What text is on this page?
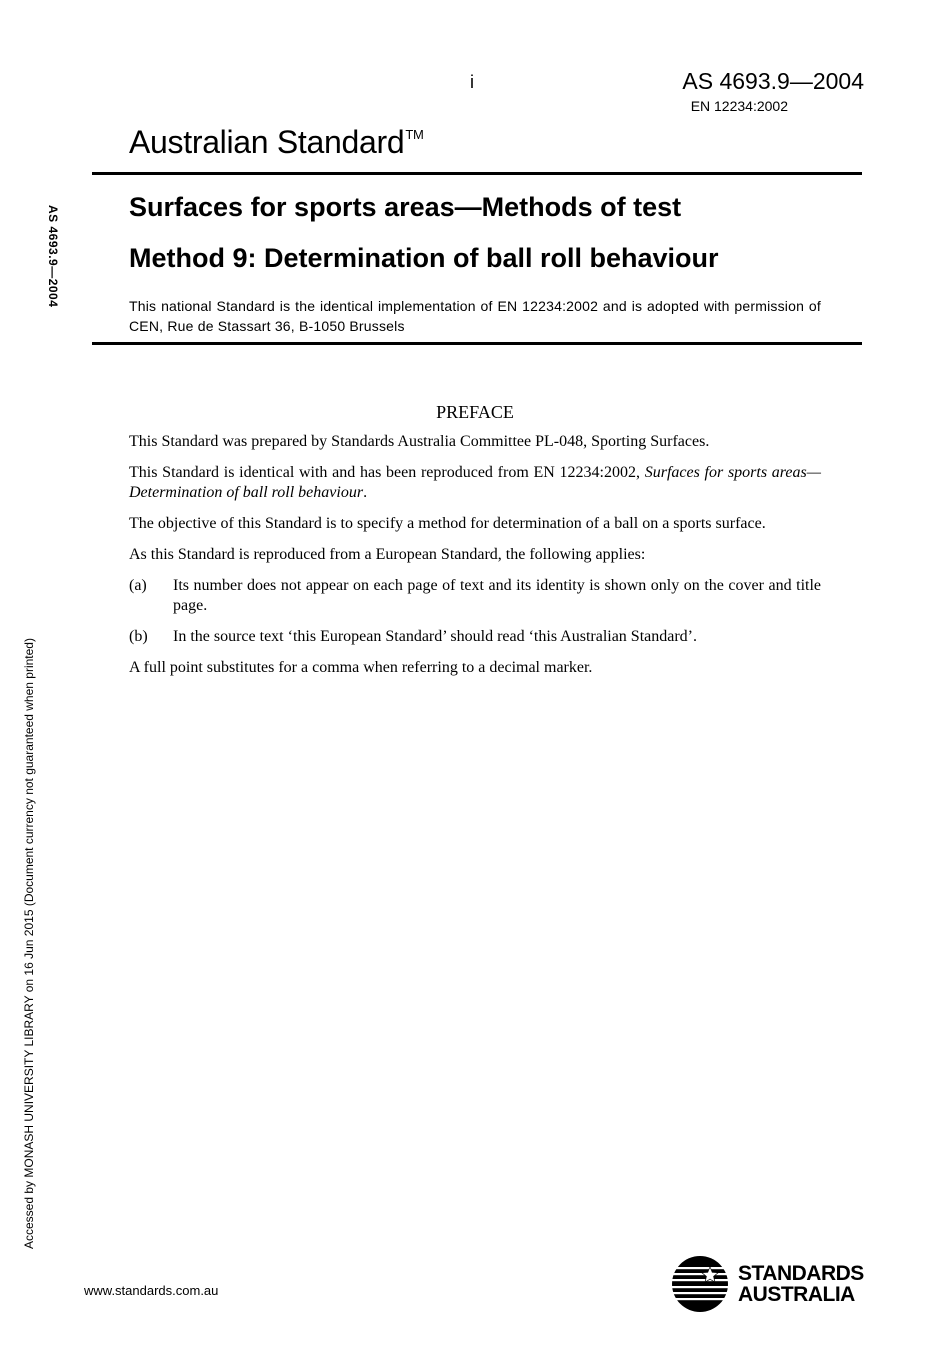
i	AS 4693.9—2004
EN 12234:2002
Australian Standard™
Surfaces for sports areas—Methods of test
Method 9: Determination of ball roll behaviour
This national Standard is the identical implementation of EN 12234:2002 and is adopted with permission of CEN, Rue de Stassart 36, B-1050 Brussels
AS 4693.9—2004
Accessed by MONASH UNIVERSITY LIBRARY on 16 Jun 2015 (Document currency not guaranteed when printed)
PREFACE

This Standard was prepared by Standards Australia Committee PL-048, Sporting Surfaces.

This Standard is identical with and has been reproduced from EN 12234:2002, Surfaces for sports areas—Determination of ball roll behaviour.

The objective of this Standard is to specify a method for determination of a ball on a sports surface.

As this Standard is reproduced from a European Standard, the following applies:

(a)	Its number does not appear on each page of text and its identity is shown only on the cover and title page.
(b)	In the source text ‘this European Standard’ should read ‘this Australian Standard’.

A full point substitutes for a comma when referring to a decimal marker.

www.standards.com.au
STANDARDS
AUSTRALIA
